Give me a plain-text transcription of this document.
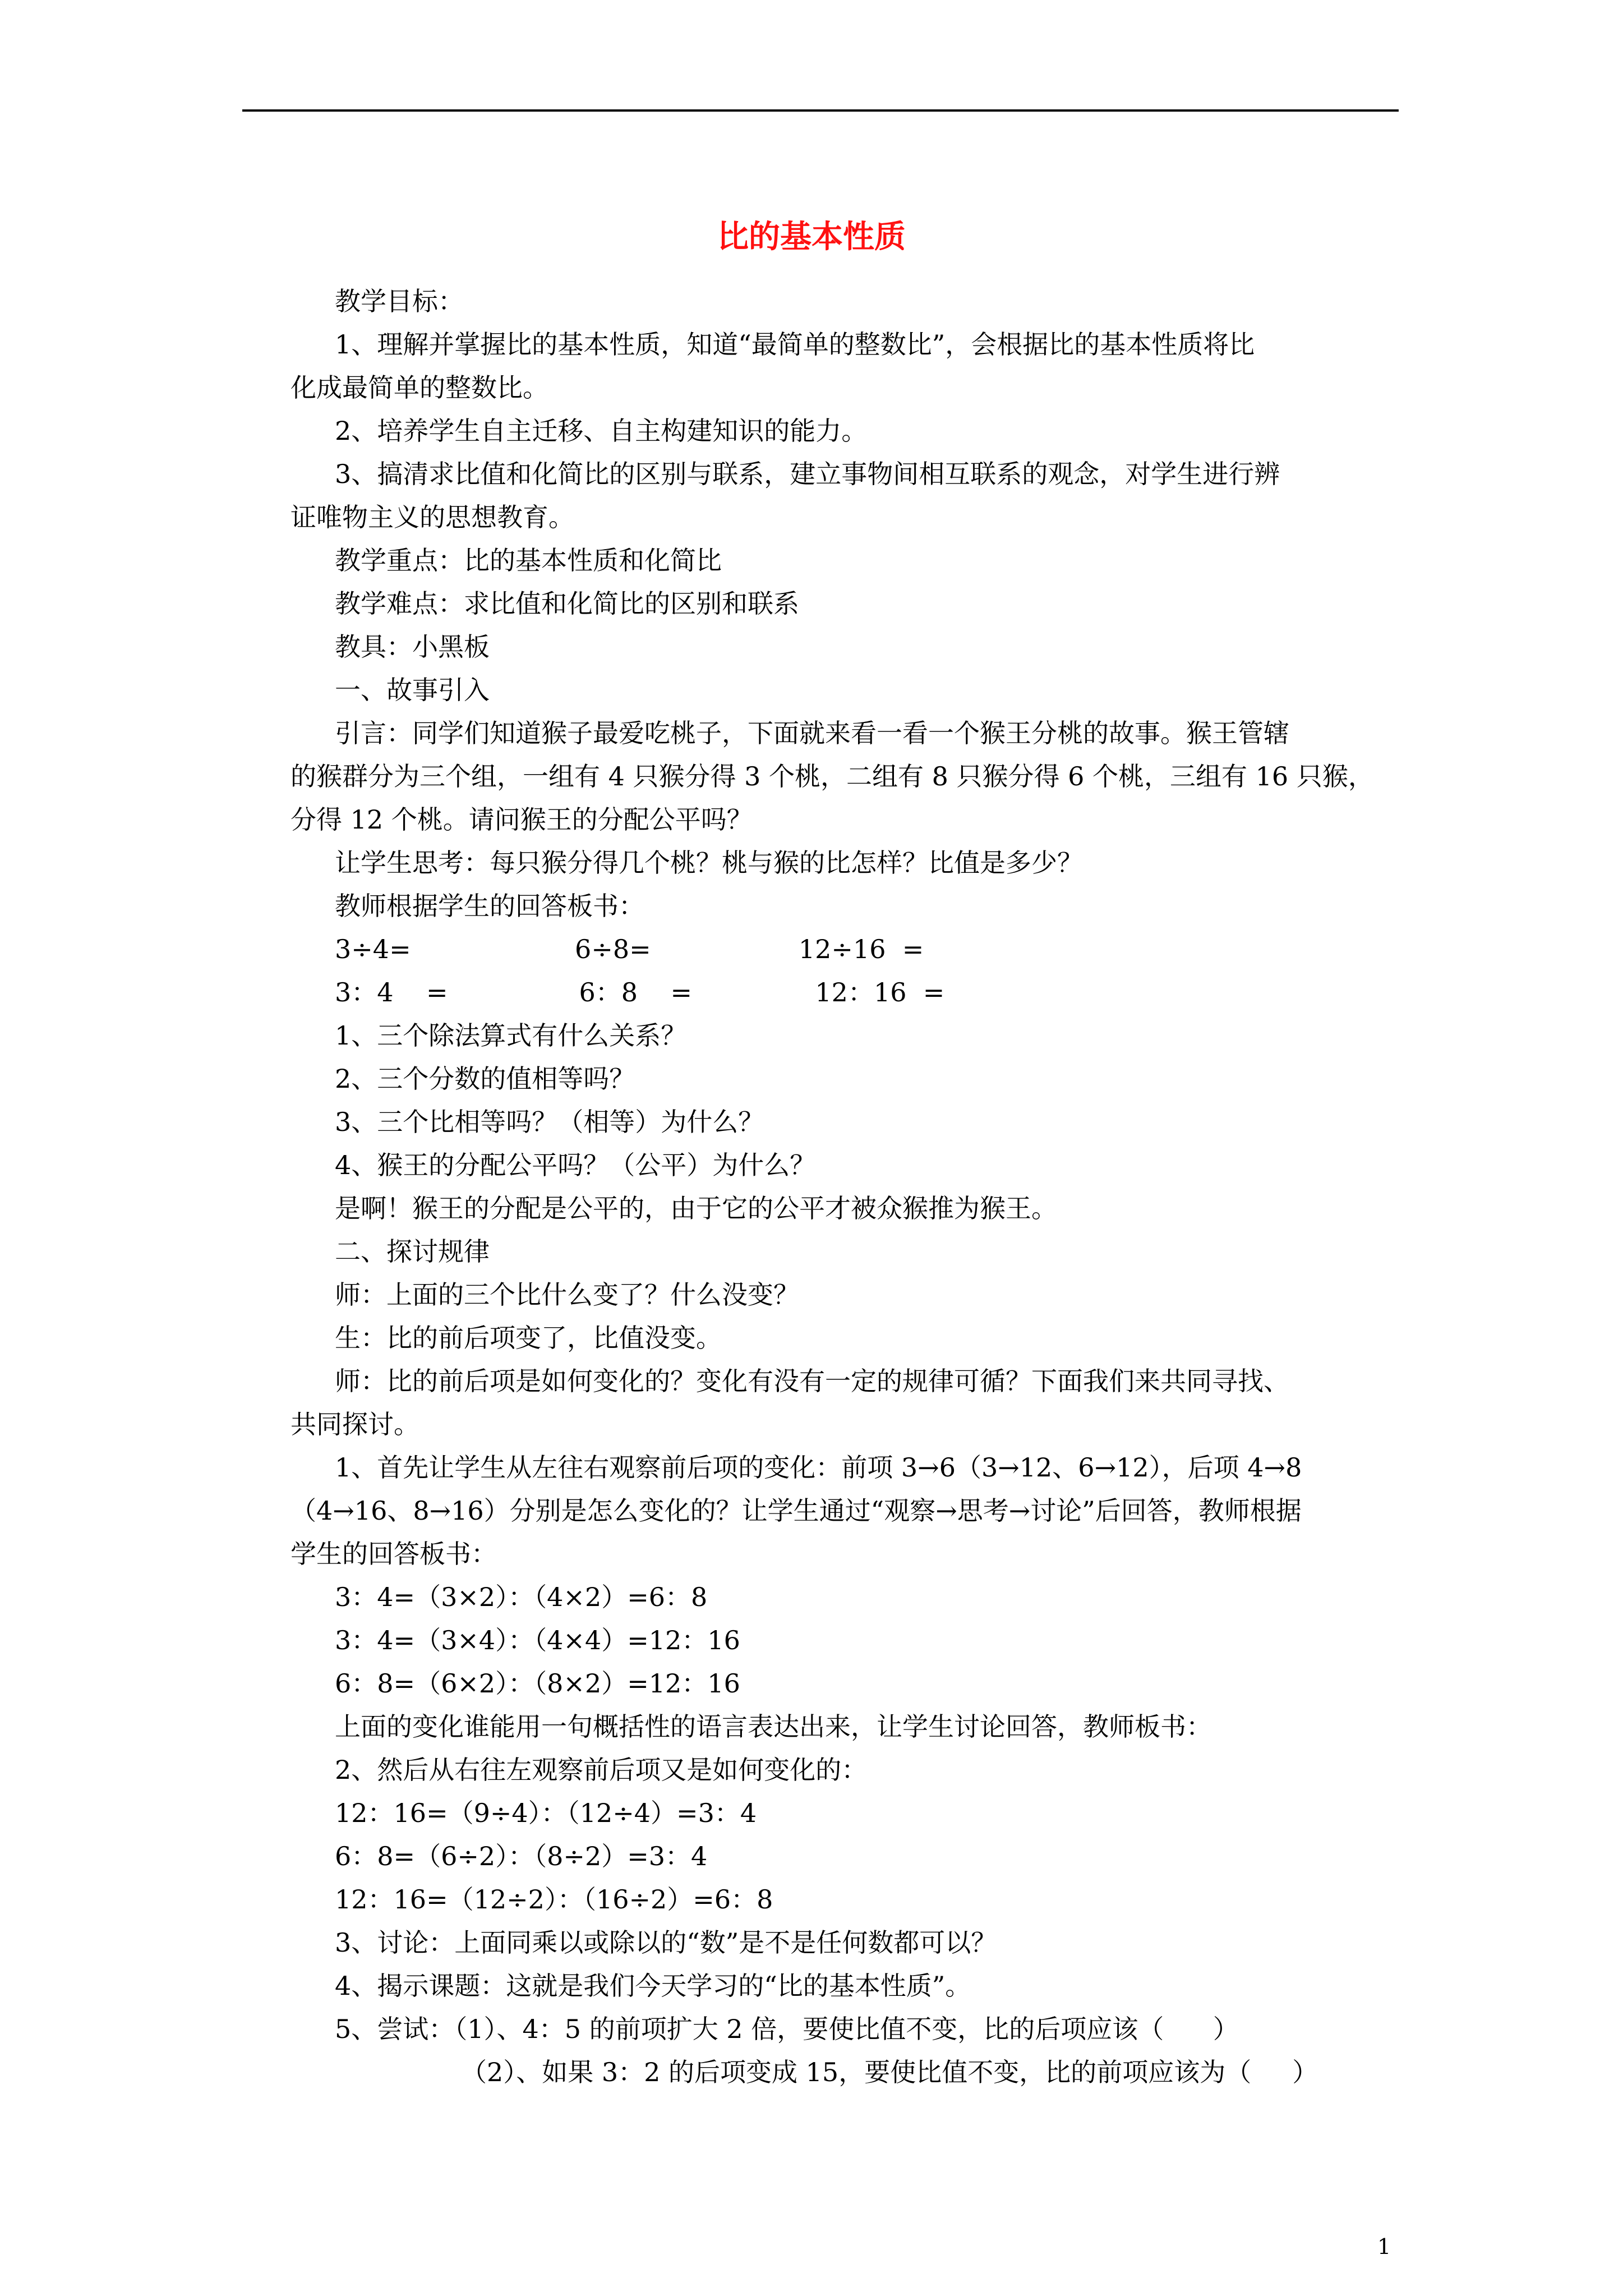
比的基本性质
教学目标：
1、理解并掌握比的基本性质，知道“最简单的整数比”，会根据比的基本性质将比
化成最简单的整数比。
2、培养学生自主迁移、自主构建知识的能力。
3、搞清求比值和化简比的区别与联系，建立事物间相互联系的观念，对学生进行辨
证唯物主义的思想教育。
教学重点：比的基本性质和化简比
教学难点：求比值和化简比的区别和联系
教具：小黑板
一、故事引入
引言：同学们知道猴子最爱吃桃子，下面就来看一看一个猴王分桃的故事。猴王管辖
的猴群分为三个组，一组有 4 只猴分得 3 个桃，二组有 8 只猴分得 6 个桃，三组有 16 只猴，
分得 12 个桃。请问猴王的分配公平吗？
让学生思考：每只猴分得几个桃？桃与猴的比怎样？比值是多少？
教师根据学生的回答板书：
3÷4=                    6÷8=                  12÷16  =
3：4    =                6：8    =               12：16  =
1、三个除法算式有什么关系？
2、三个分数的值相等吗？
3、三个比相等吗？（相等）为什么？
4、猴王的分配公平吗？（公平）为什么？
是啊！猴王的分配是公平的，由于它的公平才被众猴推为猴王。
二、探讨规律
师：上面的三个比什么变了？什么没变？
生：比的前后项变了，比值没变。
师：比的前后项是如何变化的？变化有没有一定的规律可循？下面我们来共同寻找、
共同探讨。
1、首先让学生从左往右观察前后项的变化：前项 3→6（3→12、6→12），后项 4→8
（4→16、8→16）分别是怎么变化的？让学生通过“观察→思考→讨论”后回答，教师根据
学生的回答板书：
3：4=（3×2）：（4×2）=6：8
3：4=（3×4）：（4×4）=12：16
6：8=（6×2）：（8×2）=12：16
上面的变化谁能用一句概括性的语言表达出来，让学生讨论回答，教师板书：
2、然后从右往左观察前后项又是如何变化的：
12：16=（9÷4）：（12÷4）=3：4
6：8=（6÷2）：（8÷2）=3：4
12：16=（12÷2）：（16÷2）=6：8
3、讨论：上面同乘以或除以的“数”是不是任何数都可以？
4、揭示课题：这就是我们今天学习的“比的基本性质”。
5、尝试：（1）、4：5 的前项扩大 2 倍，要使比值不变，比的后项应该（      ）
（2）、如果 3：2 的后项变成 15，要使比值不变，比的前项应该为（     ）
1
